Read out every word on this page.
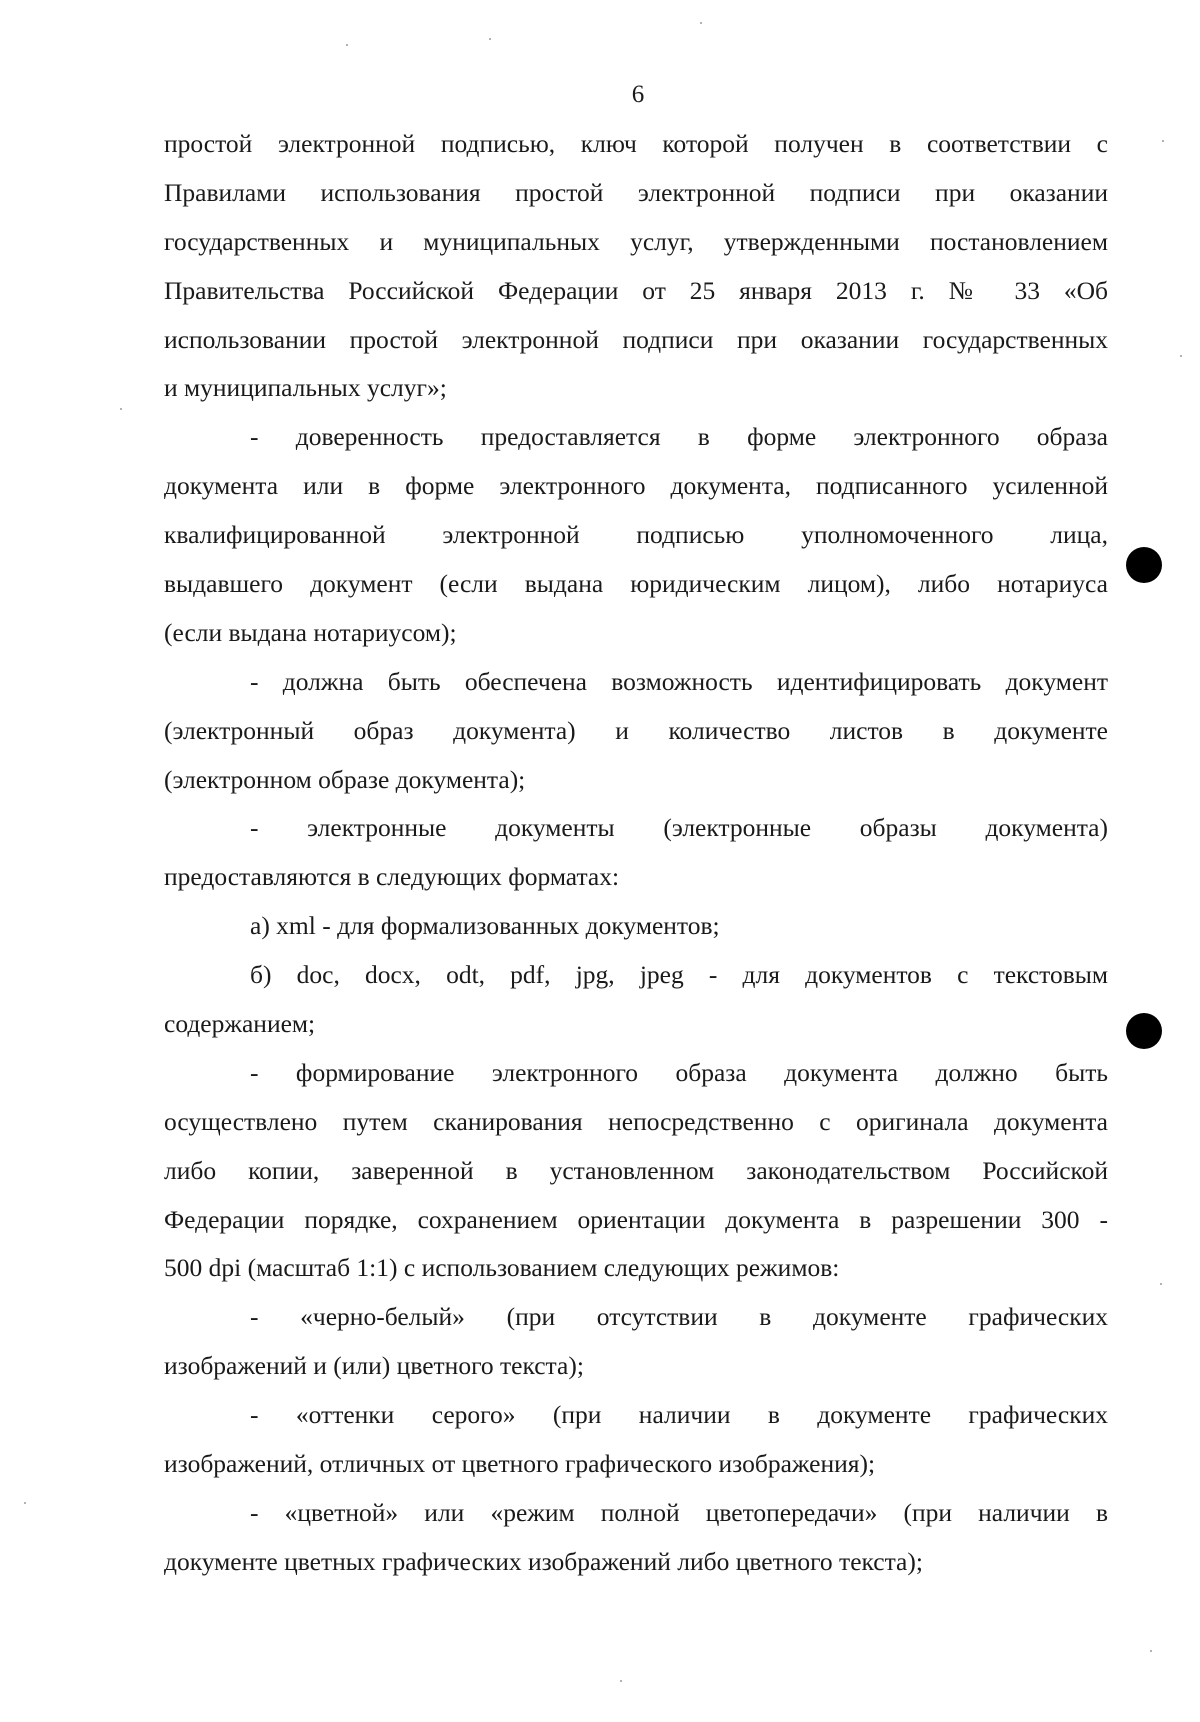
6
простой электронной подписью, ключ которой получен в соответствии с
Правилами использования простой электронной подписи при оказании
государственных и муниципальных услуг, утвержденными постановлением
Правительства Российской Федерации от 25 января 2013 г. № 33 «Об
использовании простой электронной подписи при оказании государственных
и муниципальных услуг»;
- доверенность предоставляется в форме электронного образа
документа или в форме электронного документа, подписанного усиленной
квалифицированной электронной подписью уполномоченного лица,
выдавшего документ (если выдана юридическим лицом), либо нотариуса
(если выдана нотариусом);
- должна быть обеспечена возможность идентифицировать документ
(электронный образ документа) и количество листов в документе
(электронном образе документа);
- электронные документы (электронные образы документа)
предоставляются в следующих форматах:
а) xml - для формализованных документов;
б) doc, docx, odt, pdf, jpg, jpeg - для документов с текстовым
содержанием;
- формирование электронного образа документа должно быть
осуществлено путем сканирования непосредственно с оригинала документа
либо копии, заверенной в установленном законодательством Российской
Федерации порядке, сохранением ориентации документа в разрешении 300 -
500 dpi (масштаб 1:1) с использованием следующих режимов:
- «черно-белый» (при отсутствии в документе графических
изображений и (или) цветного текста);
- «оттенки серого» (при наличии в документе графических
изображений, отличных от цветного графического изображения);
- «цветной» или «режим полной цветопередачи» (при наличии в
документе цветных графических изображений либо цветного текста);
